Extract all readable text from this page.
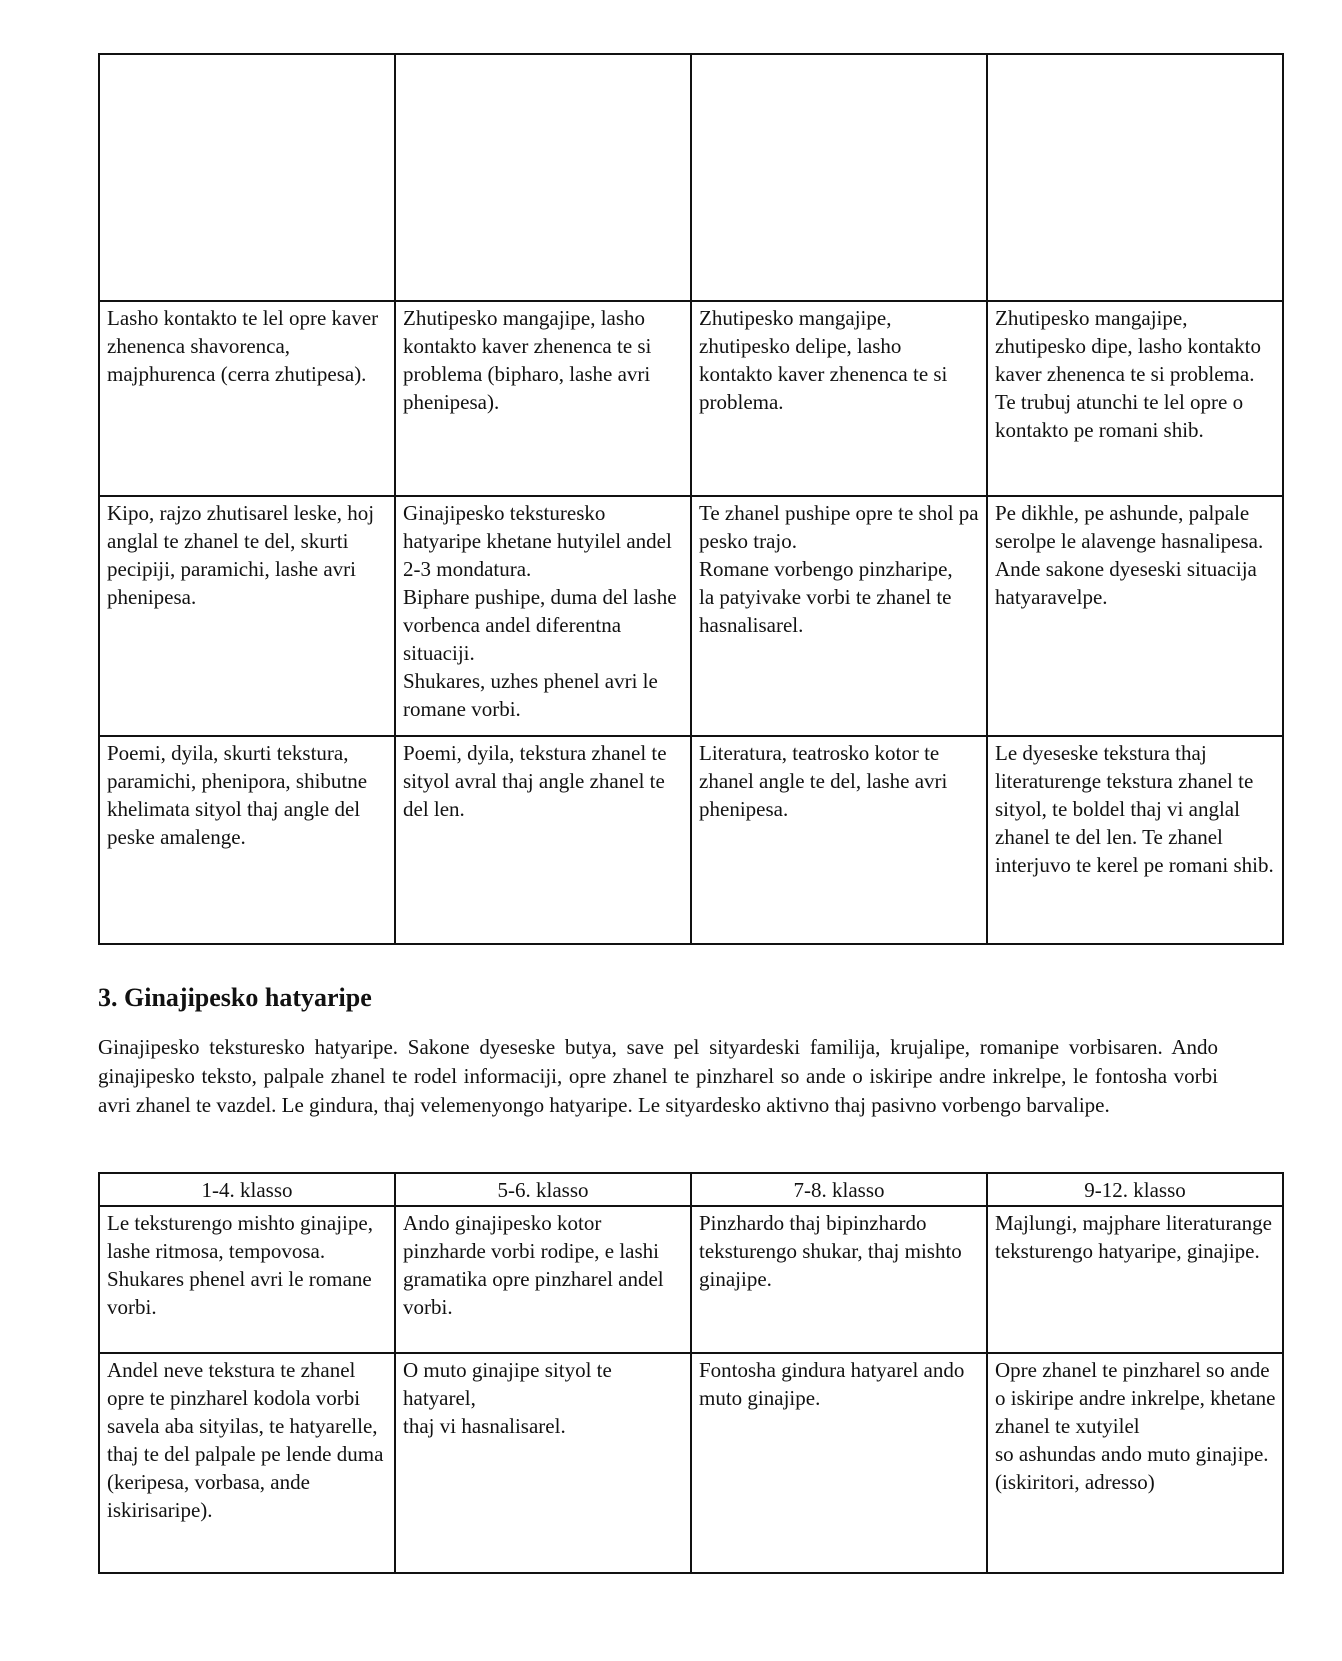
Lasho kontakto te lel opre kaver zhenenca shavorenca, majphurenca (cerra zhutipesa).	Zhutipesko mangajipe, lasho kontakto kaver zhenenca te si problema (bipharo, lashe avri phenipesa).	Zhutipesko mangajipe, zhutipesko delipe, lasho kontakto kaver zhenenca te si problema.	Zhutipesko mangajipe, zhutipesko dipe, lasho kontakto kaver zhenenca te si problema. Te trubuj atunchi te lel opre o kontakto pe romani shib.

Kipo, rajzo zhutisarel leske, hoj anglal te zhanel te del, skurti pecipiji, paramichi, lashe avri phenipesa.	Ginajipesko teksturesko hatyaripe khetane hutyilel andel 2-3 mondatura.
Biphare pushipe, duma del lashe vorbenca andel diferentna situaciji.
Shukares, uzhes phenel avri le romane vorbi.	Te zhanel pushipe opre te shol pa pesko trajo.
Romane vorbengo pinzharipe,
la patyivake vorbi te zhanel te hasnalisarel.	Pe dikhle, pe ashunde, palpale serolpe le alavenge hasnalipesa.
Ande sakone dyeseski situacija hatyaravelpe.

Poemi, dyila, skurti tekstura, paramichi, phenipora, shibutne khelimata sityol thaj angle del peske amalenge.	Poemi, dyila, tekstura zhanel te sityol avral thaj angle zhanel te del len.	Literatura, teatrosko kotor te zhanel angle te del, lashe avri phenipesa.	Le dyeseske tekstura thaj literaturenge tekstura zhanel te sityol, te boldel thaj vi anglal zhanel te del len. Te zhanel interjuvo te kerel pe romani shib.
3. Ginajipesko hatyaripe

Ginajipesko teksturesko hatyaripe. Sakone dyeseske butya, save pel sityardeski familija, krujalipe, romanipe vorbisaren. Ando ginajipesko teksto, palpale zhanel te rodel informaciji, opre zhanel te pinzharel so ande o iskiripe andre inkrelpe, le fontosha vorbi avri zhanel te vazdel. Le gindura, thaj velemenyongo hatyaripe. Le sityardesko aktivno thaj pasivno vorbengo barvalipe.

1-4. klasso	5-6. klasso	7-8. klasso	9-12. klasso

Le teksturengo mishto ginajipe, lashe ritmosa, tempovosa.
Shukares phenel avri le romane vorbi.	Ando ginajipesko kotor pinzharde vorbi rodipe, e lashi gramatika opre pinzharel andel vorbi.	Pinzhardo thaj bipinzhardo teksturengo shukar, thaj mishto ginajipe.	Majlungi, majphare literaturange teksturengo hatyaripe, ginajipe.

Andel neve tekstura te zhanel opre te pinzharel kodola vorbi savela aba sityilas, te hatyarelle, thaj te del palpale pe lende duma (keripesa, vorbasa, ande iskirisaripe).	O muto ginajipe sityol te hatyarel,
thaj vi hasnalisarel.	Fontosha gindura hatyarel ando muto ginajipe.	Opre zhanel te pinzharel so ande o iskiripe andre inkrelpe, khetane zhanel te xutyilel
so ashundas ando muto ginajipe.
(iskiritori, adresso)
